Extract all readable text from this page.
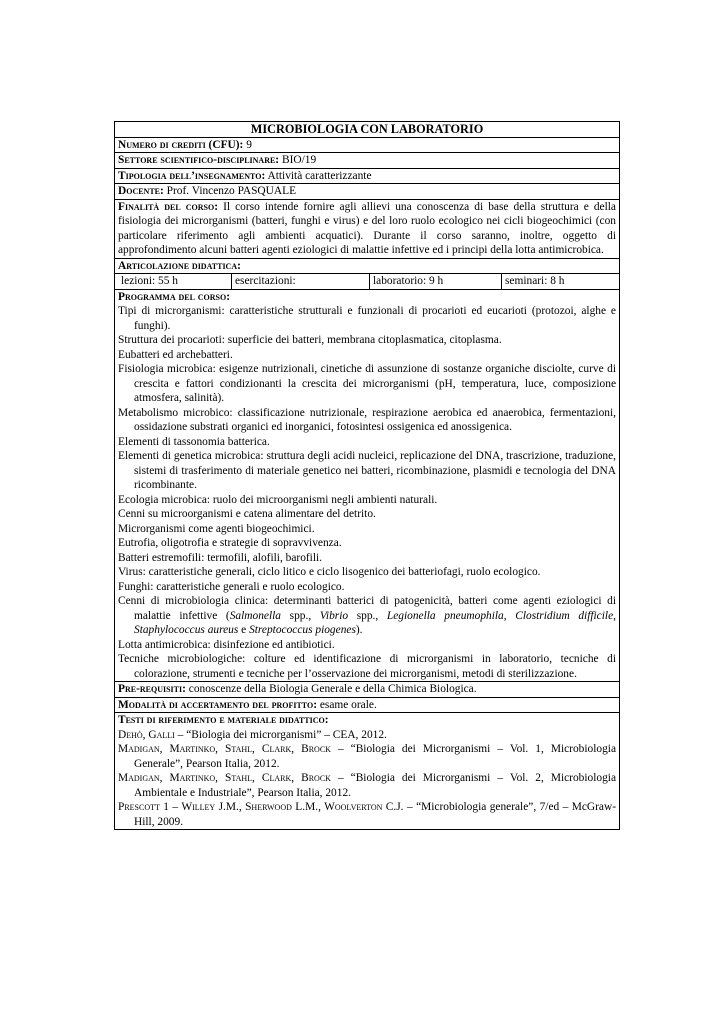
MICROBIOLOGIA CON LABORATORIO
Numero di crediti (CFU): 9
Settore scientifico-disciplinare: BIO/19
Tipologia dell’insegnamento: Attività caratterizzante
Docente: Prof. Vincenzo PASQUALE
Finalità del corso: Il corso intende fornire agli allievi una conoscenza di base della struttura e della fisiologia dei microrganismi (batteri, funghi e virus) e del loro ruolo ecologico nei cicli biogeochimici (con particolare riferimento agli ambienti acquatici). Durante il corso saranno, inoltre, oggetto di approfondimento alcuni batteri agenti eziologici di malattie infettive ed i principi della lotta antimicrobica.
Articolazione didattica:

lezioni: 55 h	esercitazioni:	laboratorio: 9 h	seminari: 8 h

Programma del corso:
Tipi di microrganismi: caratteristiche strutturali e funzionali di procarioti ed eucarioti (protozoi, alghe e funghi).
Struttura dei procarioti: superficie dei batteri, membrana citoplasmatica, citoplasma.
Eubatteri ed archebatteri.
Fisiologia microbica: esigenze nutrizionali, cinetiche di assunzione di sostanze organiche disciolte, curve di crescita e fattori condizionanti la crescita dei microrganismi (pH, temperatura, luce, composizione atmosfera, salinità).
Metabolismo microbico: classificazione nutrizionale, respirazione aerobica ed anaerobica, fermentazioni, ossidazione substrati organici ed inorganici, fotosintesi ossigenica ed anossigenica.
Elementi di tassonomia batterica.
Elementi di genetica microbica: struttura degli acidi nucleici, replicazione del DNA, trascrizione, traduzione, sistemi di trasferimento di materiale genetico nei batteri, ricombinazione, plasmidi e tecnologia del DNA ricombinante.
Ecologia microbica: ruolo dei microorganismi negli ambienti naturali.
Cenni su microorganismi e catena alimentare del detrito.
Microrganismi come agenti biogeochimici.
Eutrofia, oligotrofia e strategie di sopravvivenza.
Batteri estremofili: termofili, alofili, barofili.
Virus: caratteristiche generali, ciclo litico e ciclo lisogenico dei batteriofagi, ruolo ecologico.
Funghi: caratteristiche generali e ruolo ecologico.
Cenni di microbiologia clinica: determinanti batterici di patogenicità, batteri come agenti eziologici di malattie infettive (Salmonella spp., Vibrio spp., Legionella pneumophila, Clostridium difficile, Staphylococcus aureus e Streptococcus piogenes).
Lotta antimicrobica: disinfezione ed antibiotici.
Tecniche microbiologiche: colture ed identificazione di microrganismi in laboratorio, tecniche di colorazione, strumenti e tecniche per l’osservazione dei microrganismi, metodi di sterilizzazione.

Pre-requisiti: conoscenze della Biologia Generale e della Chimica Biologica.
Modalità di accertamento del profitto: esame orale.

Testi di riferimento e materiale didattico:
Dehò, Galli – “Biologia dei microrganismi” – CEA, 2012.
Madigan, Martinko, Stahl, Clark, Brock – “Biologia dei Microrganismi – Vol. 1, Microbiologia Generale”, Pearson Italia, 2012.
Madigan, Martinko, Stahl, Clark, Brock – “Biologia dei Microrganismi – Vol. 2, Microbiologia Ambientale e Industriale”, Pearson Italia, 2012.
Prescott 1 – Willey J.M., Sherwood L.M., Woolverton C.J. – “Microbiologia generale”, 7/ed – McGraw-Hill, 2009.
